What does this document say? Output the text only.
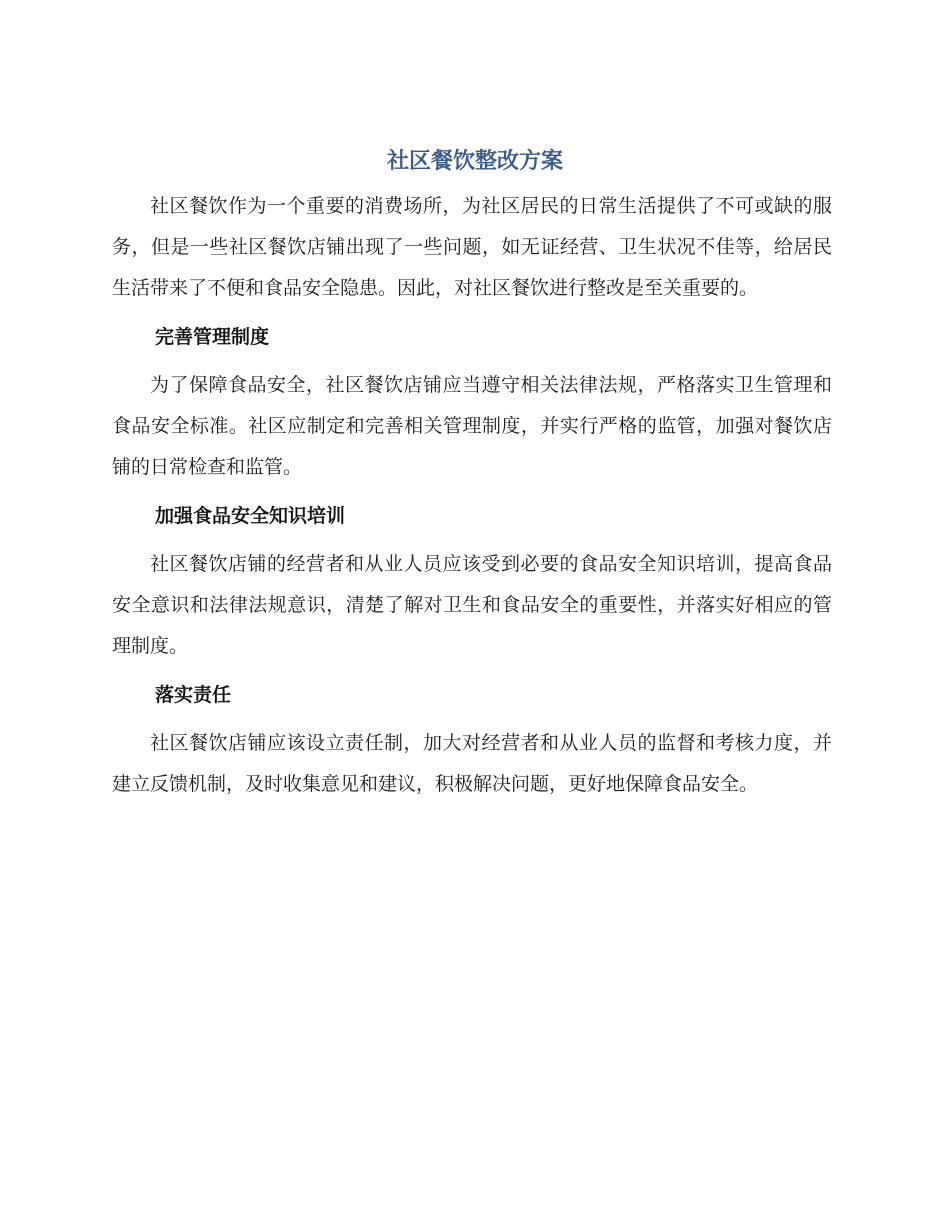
社区餐饮整改方案

社区餐饮作为一个重要的消费场所，为社区居民的日常生活提供了不可或缺的服务，但是一些社区餐饮店铺出现了一些问题，如无证经营、卫生状况不佳等，给居民生活带来了不便和食品安全隐患。因此，对社区餐饮进行整改是至关重要的。

完善管理制度

为了保障食品安全，社区餐饮店铺应当遵守相关法律法规，严格落实卫生管理和食品安全标准。社区应制定和完善相关管理制度，并实行严格的监管，加强对餐饮店铺的日常检查和监管。

加强食品安全知识培训

社区餐饮店铺的经营者和从业人员应该受到必要的食品安全知识培训，提高食品安全意识和法律法规意识，清楚了解对卫生和食品安全的重要性，并落实好相应的管理制度。

落实责任

社区餐饮店铺应该设立责任制，加大对经营者和从业人员的监督和考核力度，并建立反馈机制，及时收集意见和建议，积极解决问题，更好地保障食品安全。
